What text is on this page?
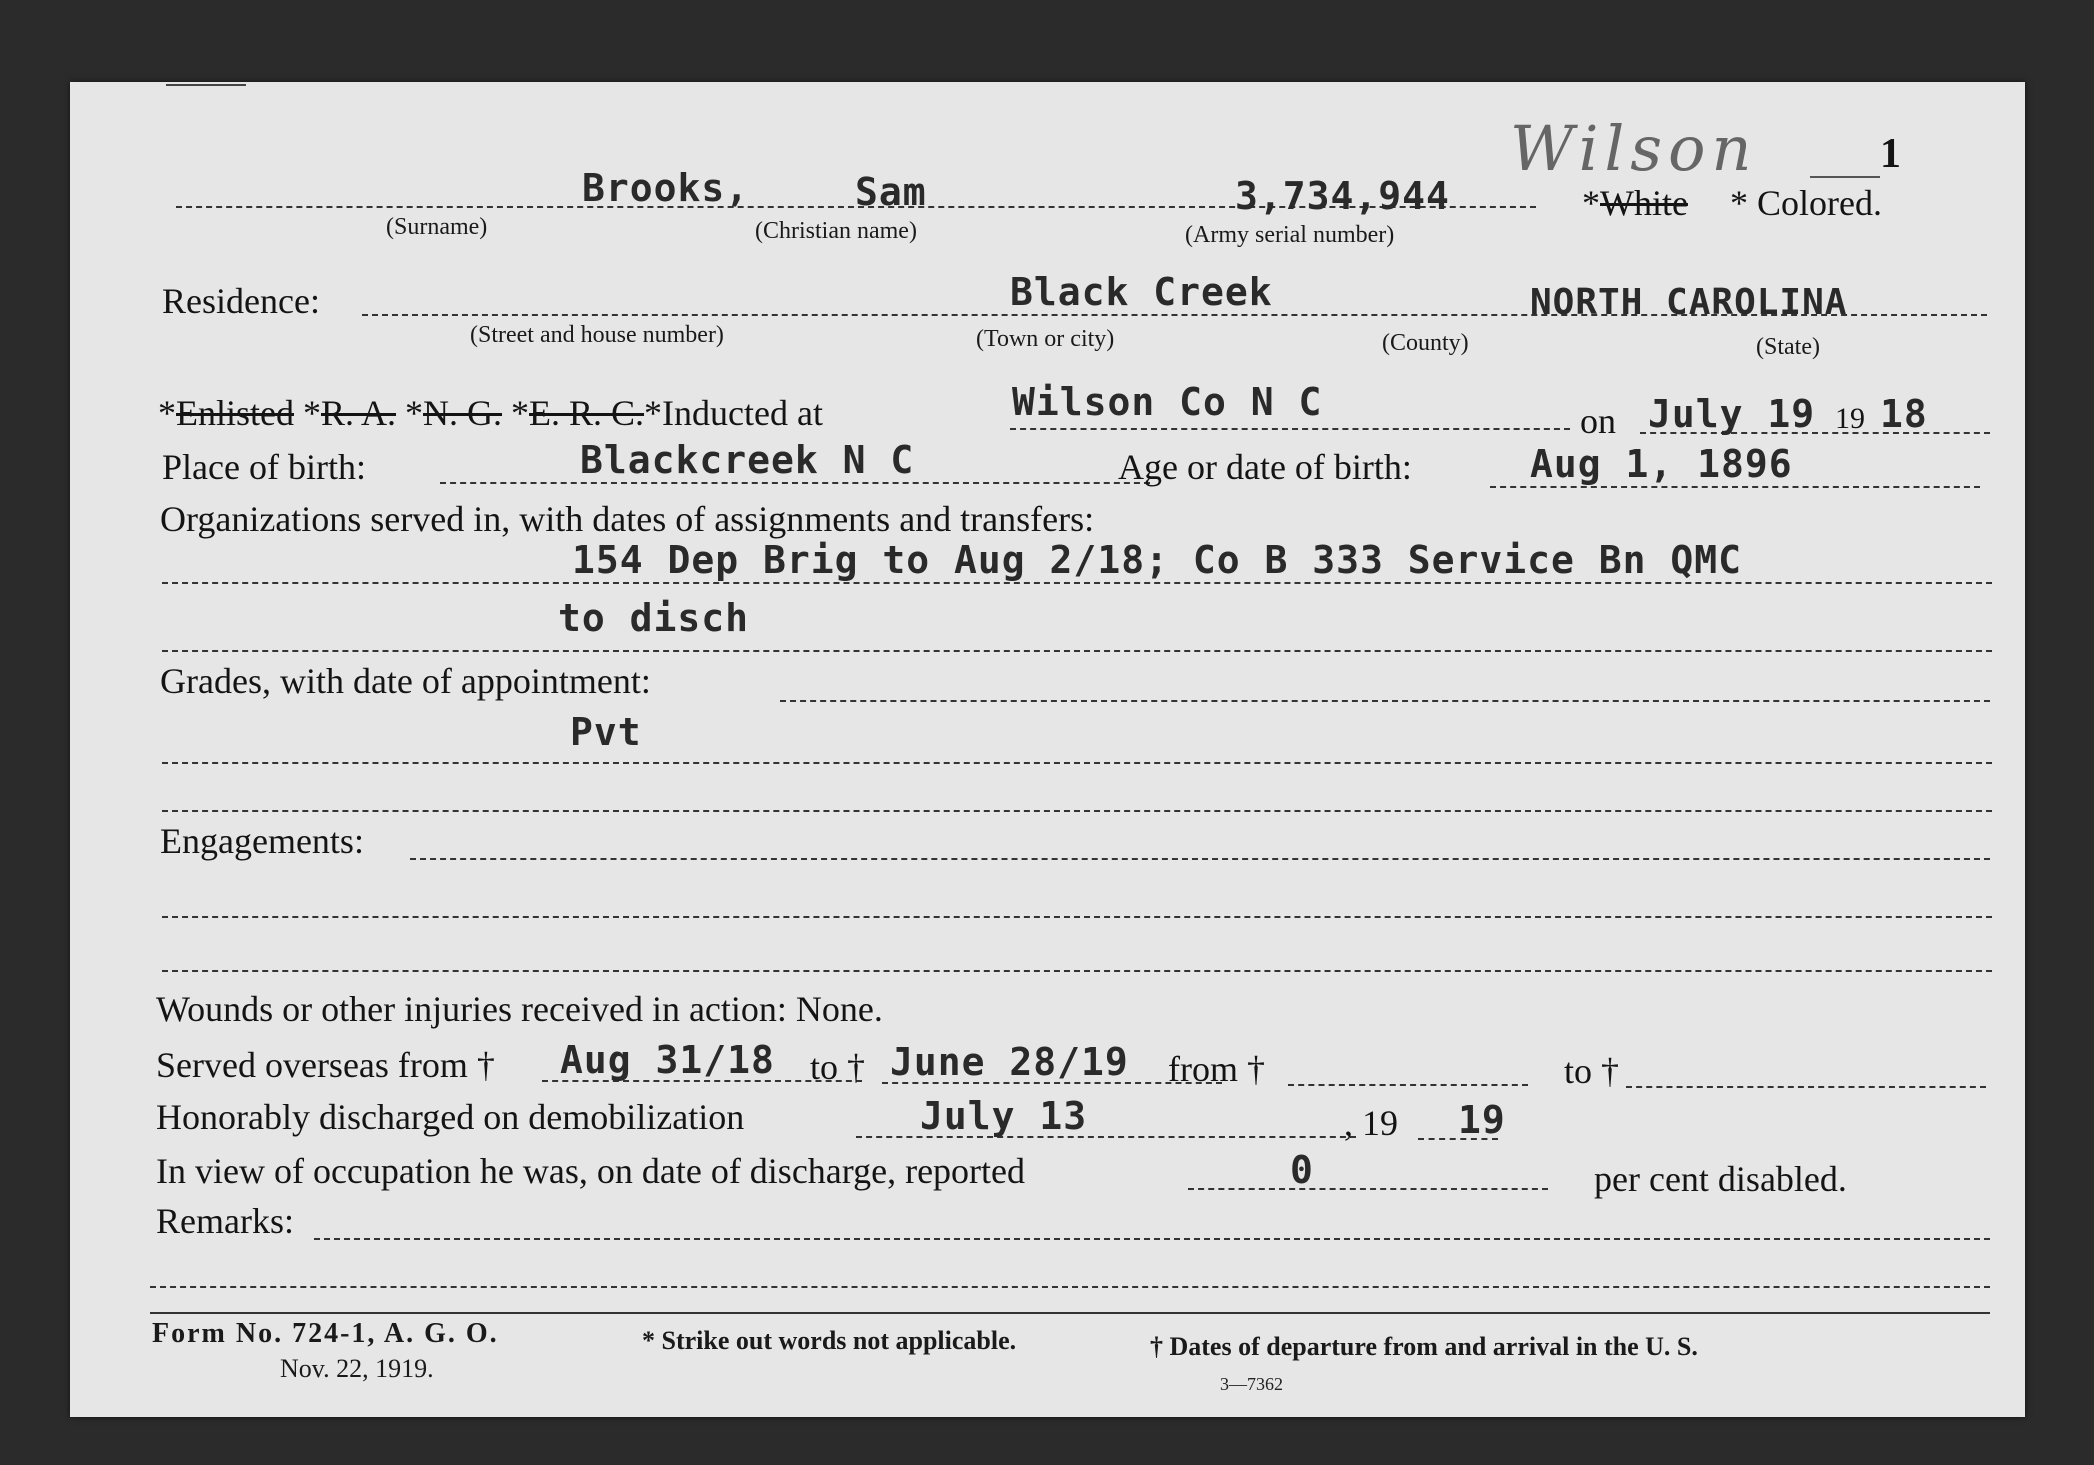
Wilson	1
Brooks,	Sam	3,734,944	* White * Colored.
(Surname)	(Christian name)	(Army serial number)
Residence:	Black Creek	NORTH CAROLINA
(Street and house number)	(Town or city)	(County)	(State)
*Enlisted *R. A. *N. G. *E. R. C.*Inducted at	Wilson Co N C	on July 19 19 18
Place of birth:	Blackcreek N C	Age or date of birth:	Aug 1, 1896
Organizations served in, with dates of assignments and transfers:
154 Dep Brig to Aug 2/18; Co B 333 Service Bn QMC
to disch
Grades, with date of appointment:
Pvt
Engagements:
Wounds or other injuries received in action: None.
Served overseas from † Aug 31/18 to † June 28/19 from †	to †
Honorably discharged on demobilization	July 13	, 19 19
In view of occupation he was, on date of discharge, reported	0	per cent disabled.
Remarks:
Form No. 724-1, A. G. O.
Nov. 22, 1919.
* Strike out words not applicable.	† Dates of departure from and arrival in the U. S.
3—7362
